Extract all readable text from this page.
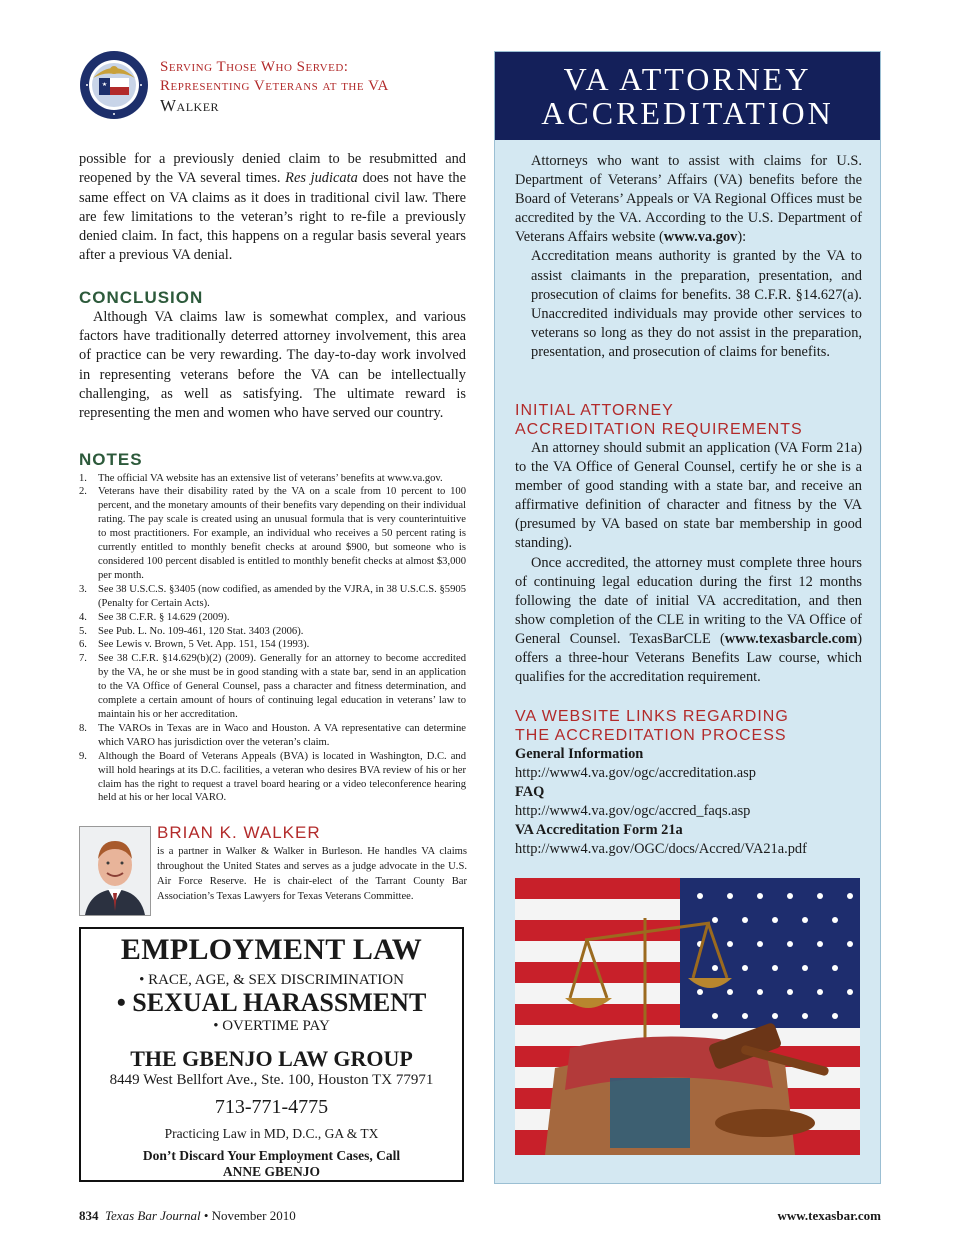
Serving Those Who Served:
Representing Veterans at the VA
Walker

possible for a previously denied claim to be resubmitted and reopened by the VA several times. Res judicata does not have the same effect on VA claims as it does in traditional civil law. There are few limitations to the veteran’s right to re-file a previously denied claim. In fact, this happens on a regular basis several years after a previous VA denial.

CONCLUSION

Although VA claims law is somewhat complex, and various factors have traditionally deterred attorney involvement, this area of practice can be very rewarding. The day-to-day work involved in representing veterans before the VA can be intellectually challenging, as well as satisfying. The ultimate reward is representing the men and women who have served our country.

NOTES
1. The official VA website has an extensive list of veterans’ benefits at www.va.gov.
2. Veterans have their disability rated by the VA on a scale from 10 percent to 100 percent, and the monetary amounts of their benefits vary depending on their individual rating. The pay scale is created using an unusual formula that is very counterintuitive to most practitioners. For example, an individual who receives a 50 percent rating is currently entitled to monthly benefit checks at around $900, but someone who is considered 100 percent disabled is entitled to monthly benefit checks at almost $3,000 per month.
3. See 38 U.S.C.S. §3405 (now codified, as amended by the VJRA, in 38 U.S.C.S. §5905 (Penalty for Certain Acts).
4. See 38 C.F.R. § 14.629 (2009).
5. See Pub. L. No. 109-461, 120 Stat. 3403 (2006).
6. See Lewis v. Brown, 5 Vet. App. 151, 154 (1993).
7. See 38 C.F.R. §14.629(b)(2) (2009). Generally for an attorney to become accredited by the VA, he or she must be in good standing with a state bar, send in an application to the VA Office of General Counsel, pass a character and fitness determination, and complete a certain amount of hours of continuing legal education in veterans’ law to maintain his or her accreditation.
8. The VAROs in Texas are in Waco and Houston. A VA representative can determine which VARO has jurisdiction over the veteran’s claim.
9. Although the Board of Veterans Appeals (BVA) is located in Washington, D.C. and will hold hearings at its D.C. facilities, a veteran who desires BVA review of his or her claim has the right to request a travel board hearing or a video teleconference hearing held at his or her local VARO.
BRIAN K. WALKER
is a partner in Walker & Walker in Burleson. He handles VA claims throughout the United States and serves as a judge advocate in the U.S. Air Force Reserve. He is chair-elect of the Tarrant County Bar Association’s Texas Lawyers for Texas Veterans Committee.
EMPLOYMENT LAW
• RACE, AGE, & SEX DISCRIMINATION
• SEXUAL HARASSMENT
• OVERTIME PAY
THE GBENJO LAW GROUP
8449 West Bellfort Ave., Ste. 100, Houston TX 77971
713-771-4775
Practicing Law in MD, D.C., GA & TX
Don’t Discard Your Employment Cases, Call
ANNE GBENJO
VA ATTORNEY
ACCREDITATION

Attorneys who want to assist with claims for U.S. Department of Veterans’ Affairs (VA) benefits before the Board of Veterans’ Appeals or VA Regional Offices must be accredited by the VA. According to the U.S. Department of Veterans Affairs website (www.va.gov):

Accreditation means authority is granted by the VA to assist claimants in the preparation, presentation, and prosecution of claims for benefits. 38 C.F.R. §14.627(a). Unaccredited individuals may provide other services to veterans so long as they do not assist in the preparation, presentation, and prosecution of claims for benefits.

INITIAL ATTORNEY
ACCREDITATION REQUIREMENTS

An attorney should submit an application (VA Form 21a) to the VA Office of General Counsel, certify he or she is a member of good standing with a state bar, and receive an affirmative definition of character and fitness by the VA (presumed by VA based on state bar membership in good standing).

Once accredited, the attorney must complete three hours of continuing legal education during the first 12 months following the date of initial VA accreditation, and then show completion of the CLE in writing to the VA Office of General Counsel. TexasBarCLE (www.texasbarcle.com) offers a three-hour Veterans Benefits Law course, which qualifies for the accreditation requirement.

VA WEBSITE LINKS REGARDING
THE ACCREDITATION PROCESS
General Information
http://www4.va.gov/ogc/accreditation.asp
FAQ
http://www4.va.gov/ogc/accred_faqs.asp
VA Accreditation Form 21a
http://www4.va.gov/OGC/docs/Accred/VA21a.pdf
834 Texas Bar Journal • November 2010	www.texasbar.com
